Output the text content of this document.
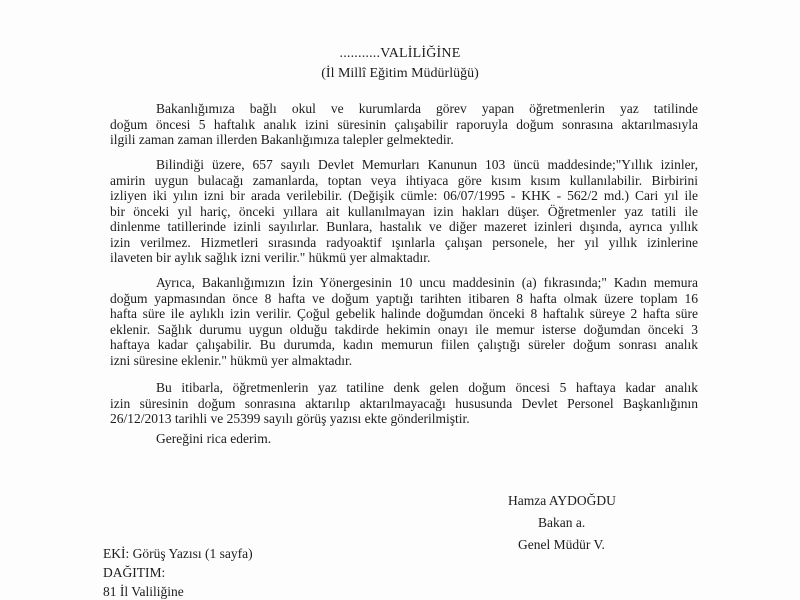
...........VALİLİĞİNE
(İl Millî Eğitim Müdürlüğü)
Bakanlığımıza bağlı okul ve kurumlarda görev yapan öğretmenlerin yaz tatilinde
doğum öncesi 5 haftalık analık izini süresinin çalışabilir raporuyla doğum sonrasına aktarılmasıyla
ilgili zaman zaman illerden Bakanlığımıza talepler gelmektedir.
Bilindiği üzere, 657 sayılı Devlet Memurları Kanunun 103 üncü maddesinde;"Yıllık izinler,
amirin uygun bulacağı zamanlarda, toptan veya ihtiyaca göre kısım kısım kullanılabilir. Birbirini
izliyen iki yılın izni bir arada verilebilir. (Değişik cümle: 06/07/1995 - KHK - 562/2 md.) Cari yıl ile
bir önceki yıl hariç, önceki yıllara ait kullanılmayan izin hakları düşer. Öğretmenler yaz tatili ile
dinlenme tatillerinde izinli sayılırlar. Bunlara, hastalık ve diğer mazeret izinleri dışında, ayrıca yıllık
izin verilmez. Hizmetleri sırasında radyoaktif ışınlarla çalışan personele, her yıl yıllık izinlerine
ilaveten bir aylık sağlık izni verilir." hükmü yer almaktadır.
Ayrıca, Bakanlığımızın İzin Yönergesinin 10 uncu maddesinin (a) fıkrasında;" Kadın memura
doğum yapmasından önce 8 hafta ve doğum yaptığı tarihten itibaren 8 hafta olmak üzere toplam 16
hafta süre ile aylıklı izin verilir. Çoğul gebelik halinde doğumdan önceki 8 haftalık süreye 2 hafta süre
eklenir. Sağlık durumu uygun olduğu takdirde hekimin onayı ile memur isterse doğumdan önceki 3
haftaya kadar çalışabilir. Bu durumda, kadın memurun fiilen çalıştığı süreler doğum sonrası analık
izni süresine eklenir." hükmü yer almaktadır.
Bu itibarla, öğretmenlerin yaz tatiline denk gelen doğum öncesi 5 haftaya kadar analık
izin süresinin doğum sonrasına aktarılıp aktarılmayacağı hususunda Devlet Personel Başkanlığının
26/12/2013 tarihli ve 25399 sayılı görüş yazısı ekte gönderilmiştir.
Gereğini rica ederim.
Hamza AYDOĞDU
Bakan a.
Genel Müdür V.
EKİ: Görüş Yazısı (1 sayfa)
DAĞITIM:
81 İl Valiliğine
